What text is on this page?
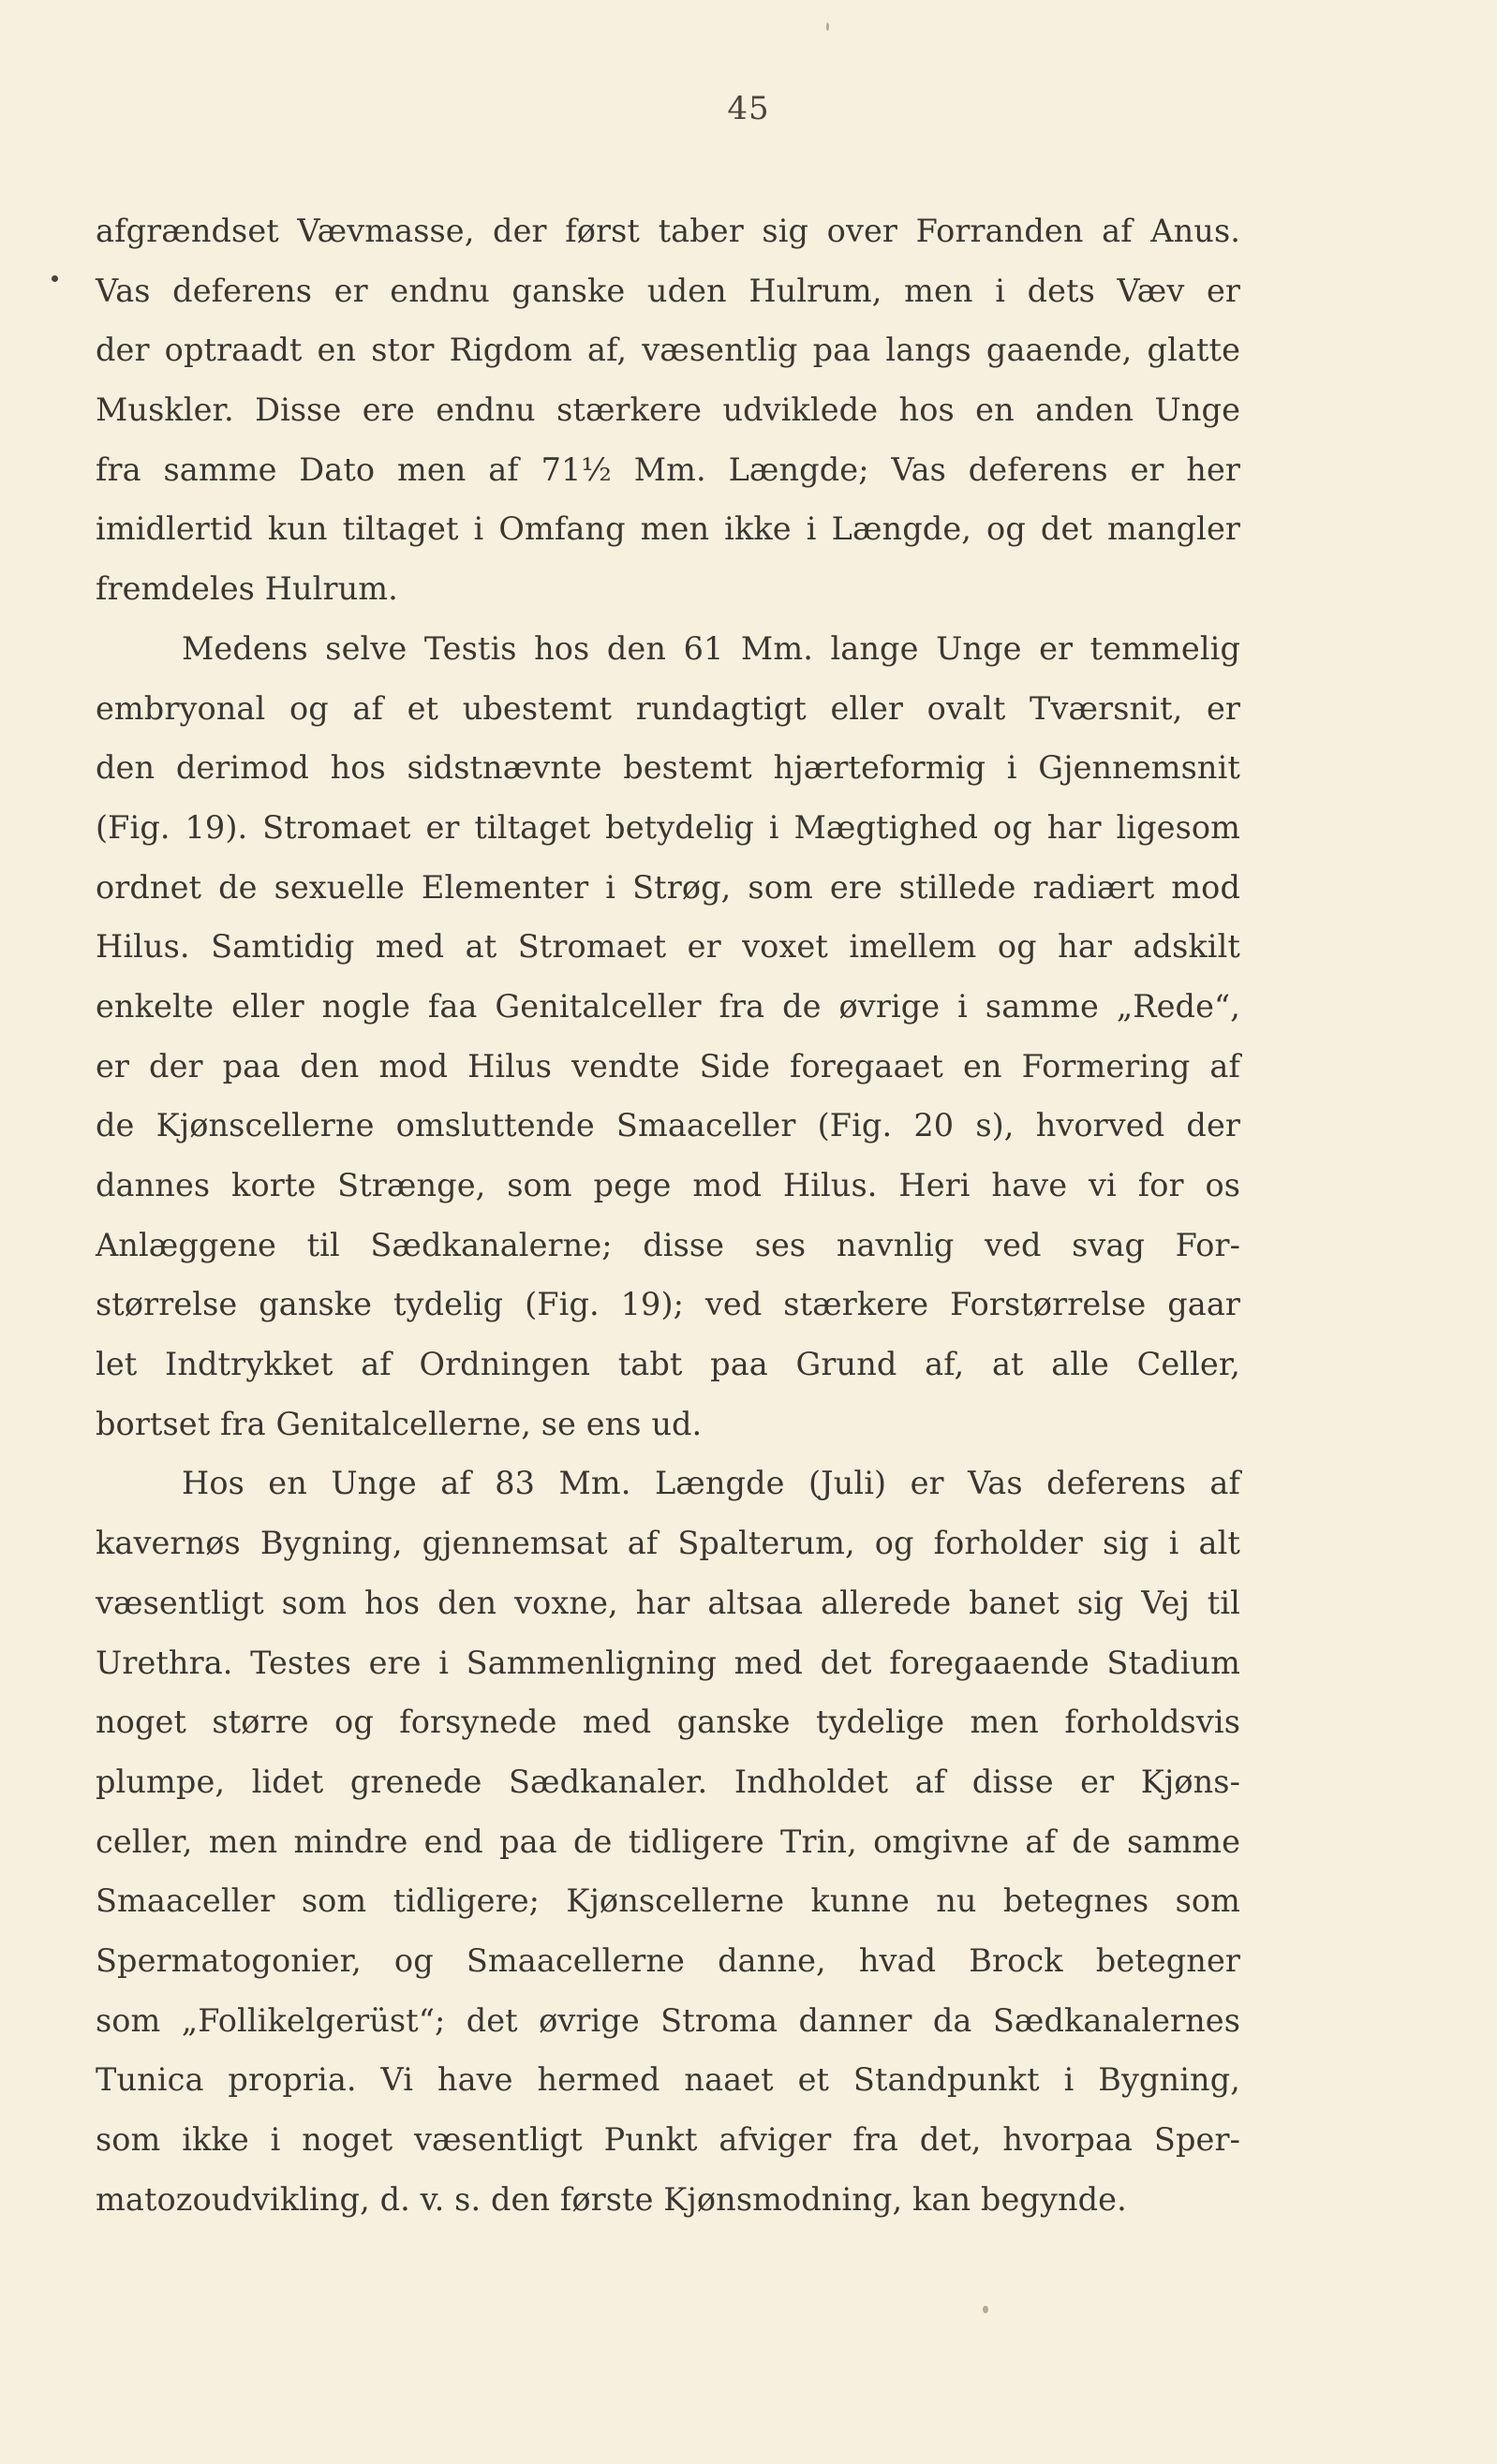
45
afgrænds​et Vævmasse, der først taber sig over Forranden af Anus.
Vas deferens er endnu ganske uden Hulrum, men i dets Væv er
der optraadt en stor Rigdom af, væsentlig paa langs gaaende, glatte
Muskler. Disse ere endnu stærkere udviklede hos en anden Unge
fra samme Dato men af 71½ Mm. Længde; Vas deferens er her
imidlertid kun tiltaget i Omfang men ikke i Længde, og det mangler
fremdeles Hulrum.
Medens selve Testis hos den 61 Mm. lange Unge er temmelig
embryonal og af et ubestemt rundagtigt eller ovalt Tværsnit, er
den derimod hos sidstnævnte bestemt hjærteformig i Gjennemsnit
(Fig. 19). Stromaet er tiltaget betydelig i Mægtighed og har ligesom
ordnet de sexuelle Elementer i Strøg, som ere stillede radiært mod
Hilus. Samtidig med at Stromaet er voxet imellem og har adskilt
enkelte eller nogle faa Genitalceller fra de øvrige i samme „Rede“,
er der paa den mod Hilus vendte Side foregaaet en Formering af
de Kjønscellerne omsluttende Smaaceller (Fig. 20 s), hvorved der
dannes korte Strænge, som pege mod Hilus. Heri have vi for os
Anlæggene til Sædkanalerne; disse ses navnlig ved svag For-
størrelse ganske tydelig (Fig. 19); ved stærkere Forstørrelse gaar
let Indtrykket af Ordningen tabt paa Grund af, at alle Celler,
bortset fra Genitalcellerne, se ens ud.
Hos en Unge af 83 Mm. Længde (Juli) er Vas deferens af
kavernøs Bygning, gjennemsat af Spalterum, og forholder sig i alt
væsentligt som hos den voxne, har altsaa allerede banet sig Vej til
Urethra. Testes ere i Sammenligning med det foregaaende Stadium
noget større og forsynede med ganske tydelige men forholdsvis
plumpe, lidet grenede Sædkanaler. Indholdet af disse er Kjøns-
celler, men mindre end paa de tidligere Trin, omgivne af de samme
Smaaceller som tidligere; Kjønscellerne kunne nu betegnes som
Spermatogonier, og Smaacellerne danne, hvad Brock betegner
som „Follikelgerüst“; det øvrige Stroma danner da Sædkanalernes
Tunica propria. Vi have hermed naaet et Standpunkt i Bygning,
som ikke i noget væsentligt Punkt afviger fra det, hvorpaa Sper-
matozoudvikling, d. v. s. den første Kjønsmodning, kan begynde.
